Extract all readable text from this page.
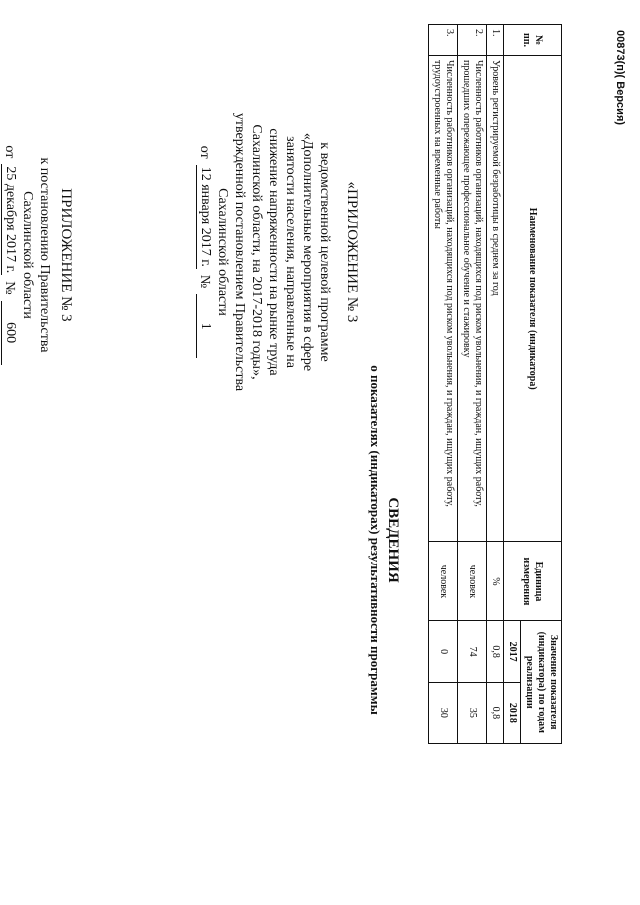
ПРИЛОЖЕНИЕ № 3
к постановлению Правительства
Сахалинской области
от
25 декабря 2017 г.
№
600
«ПРИЛОЖЕНИЕ № 3
к ведомственной целевой программе
«Дополнительные мероприятия в сфере
занятости населения, направленные на
снижение напряженности на рынке труда
Сахалинской области, на 2017-2018 годы»,
утвержденной постановлением Правительства
Сахалинской области
от
12 января 2017 г.
№
1
СВЕДЕНИЯ
о показателях (индикаторах) результативности программы
№ пп.	Наименование показателя (индикатора)	Единица измерения	Значение показателя (индикатора) по годам реализации	
			2017	2018
1.	Уровень регистрируемой безработицы в среднем за год	%	0,8	0,8
2.	Численность работников организаций, находящихся под риском увольнения, и граждан, ищущих работу, прошедших опережающее профессиональное обучение и стажировку	человек	74	35
3.	Численность работников организаций, находящихся под риском увольнения, и граждан, ищущих работу, трудоустроенных на временные работы	человек	0	30
00873(п)( Версия)
